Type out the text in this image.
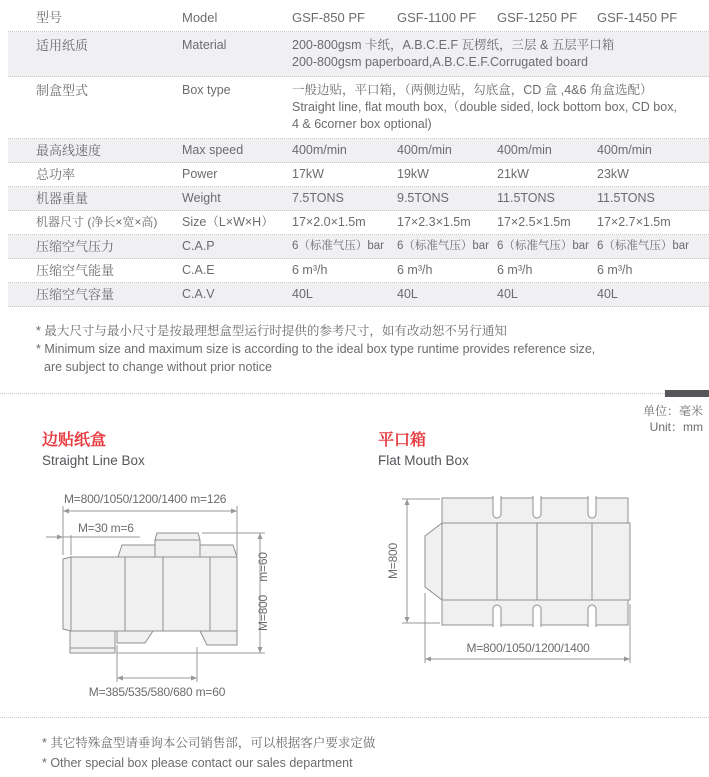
型号	Model	GSF-850 PF	GSF-1100 PF	GSF-1250 PF	GSF-1450 PF
适用纸质	Material	200-800gsm 卡纸，A.B.C.E.F 瓦楞纸，三层 & 五层平口箱
200-800gsm paperboard,A.B.C.E.F.Corrugated board
制盒型式	Box type	一般边贴，平口箱，（两侧边贴，勾底盒，CD 盒 ,4&6 角盒选配）
Straight line, flat mouth box,（double sided, lock bottom box, CD box,
4 & 6corner box optional)
最高线速度	Max speed	400m/min	400m/min	400m/min	400m/min
总功率	Power	17kW	19kW	21kW	23kW
机器重量	Weight	7.5TONS	9.5TONS	11.5TONS	11.5TONS
机器尺寸 (净长×宽×高)	Size（L×W×H）	17×2.0×1.5m	17×2.3×1.5m	17×2.5×1.5m	17×2.7×1.5m
压缩空气压力	C.A.P	6（标准气压）bar	6（标准气压）bar 6（标准气压）bar 6（标准气压）bar
压缩空气能量	C.A.E	6 m³/h	6 m³/h	6 m³/h	6 m³/h
压缩空气容量	C.A.V	40L	40L	40L	40L
* 最大尺寸与最小尺寸是按最理想盒型运行时提供的参考尺寸，如有改动恕不另行通知
* Minimum size and maximum size is according to the ideal box type runtime provides reference size,
are subject to change without prior notice
单位：毫米
Unit：mm
边贴纸盒
Straight Line Box
平口箱
Flat Mouth Box
M=800/1050/1200/1400 m=126
M=30 m=6
m=60
M=800
M=385/535/580/680 m=60
M=800
M=800/1050/1200/1400
* 其它特殊盒型请垂询本公司销售部，可以根据客户要求定做
* Other special box please contact our sales department
